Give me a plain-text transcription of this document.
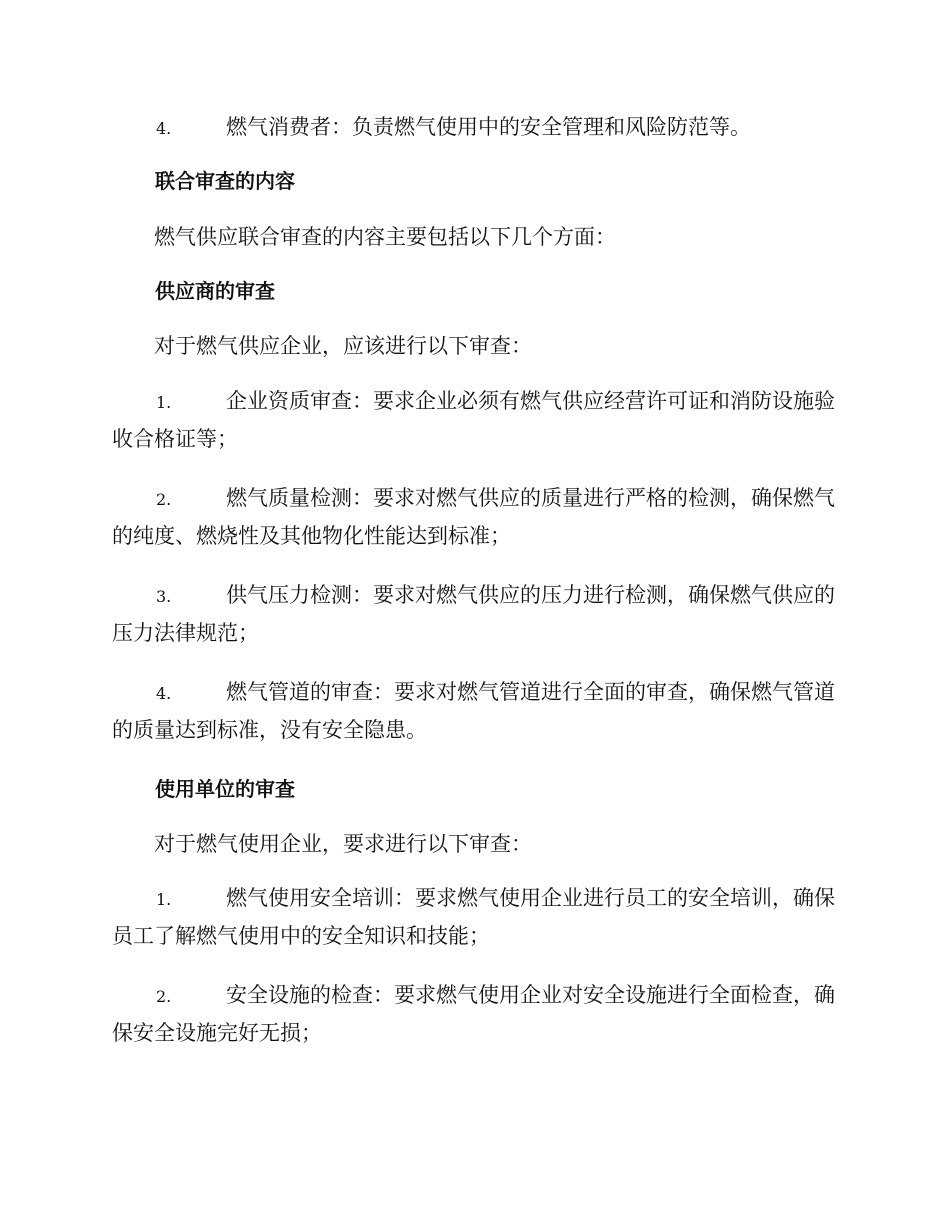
4.	燃气消费者：负责燃气使用中的安全管理和风险防范等。

联合审查的内容

燃气供应联合审查的内容主要包括以下几个方面：

供应商的审查

对于燃气供应企业，应该进行以下审查：

1.	企业资质审查：要求企业必须有燃气供应经营许可证和消防设施验收合格证等；

2.	燃气质量检测：要求对燃气供应的质量进行严格的检测，确保燃气的纯度、燃烧性及其他物化性能达到标准；

3.	供气压力检测：要求对燃气供应的压力进行检测，确保燃气供应的压力法律规范；

4.	燃气管道的审查：要求对燃气管道进行全面的审查，确保燃气管道的质量达到标准，没有安全隐患。

使用单位的审查

对于燃气使用企业，要求进行以下审查：

1.	燃气使用安全培训：要求燃气使用企业进行员工的安全培训，确保员工了解燃气使用中的安全知识和技能；

2.	安全设施的检查：要求燃气使用企业对安全设施进行全面检查，确保安全设施完好无损；
